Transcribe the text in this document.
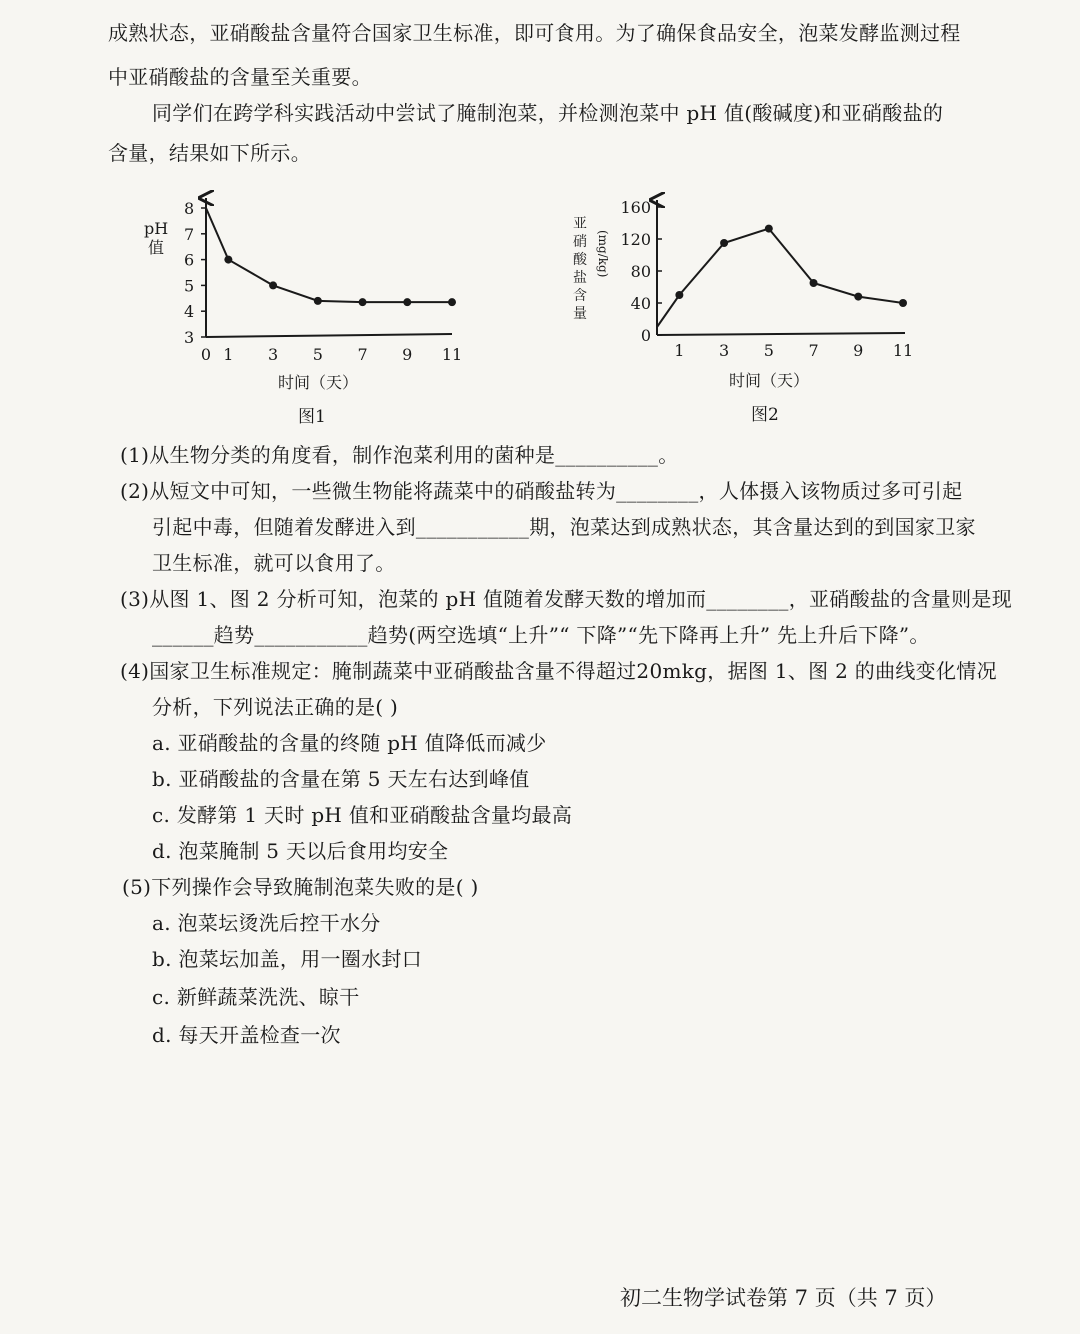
成熟状态，亚硝酸盐含量符合国家卫生标准，即可食用。为了确保食品安全，泡菜发酵监测过程
中亚硝酸盐的含量至关重要。
同学们在跨学科实践活动中尝试了腌制泡菜，并检测泡菜中 pH 值(酸碱度)和亚硝酸盐的
含量，结果如下所示。
pH
值
3
4
5
6
7
8
0 1 3 5 7 9 11
时间（天）
图1
亚
硝
酸
盐
含
量
(mg/kg)
0
40
80
120
160
1 3 5 7 9 11
时间（天）
图2
(1)从生物分类的角度看，制作泡菜利用的菌种是__________。
(2)从短文中可知，一些微生物能将蔬菜中的硝酸盐转为________，人体摄入该物质过多可引起
引起中毒，但随着发酵进入到___________期，泡菜达到成熟状态，其含量达到的到国家卫家
卫生标准，就可以食用了。
(3)从图 1、图 2 分析可知，泡菜的 pH 值随着发酵天数的增加而________，亚硝酸盐的含量则是现
______趋势___________趋势(两空选填“上升”“ 下降”“先下降再上升” 先上升后下降”。
(4)国家卫生标准规定：腌制蔬菜中亚硝酸盐含量不得超过20mkg，据图 1、图 2 的曲线变化情况
分析，下列说法正确的是( )
a. 亚硝酸盐的含量的终随 pH 值降低而减少
b. 亚硝酸盐的含量在第 5 天左右达到峰值
c. 发酵第 1 天时 pH 值和亚硝酸盐含量均最高
d. 泡菜腌制 5 天以后食用均安全
(5)下列操作会导致腌制泡菜失败的是( )
a. 泡菜坛烫洗后控干水分
b. 泡菜坛加盖，用一圈水封口
c. 新鲜蔬菜洗洗、晾干
d. 每天开盖检查一次
初二生物学试卷第 7 页（共 7 页）
